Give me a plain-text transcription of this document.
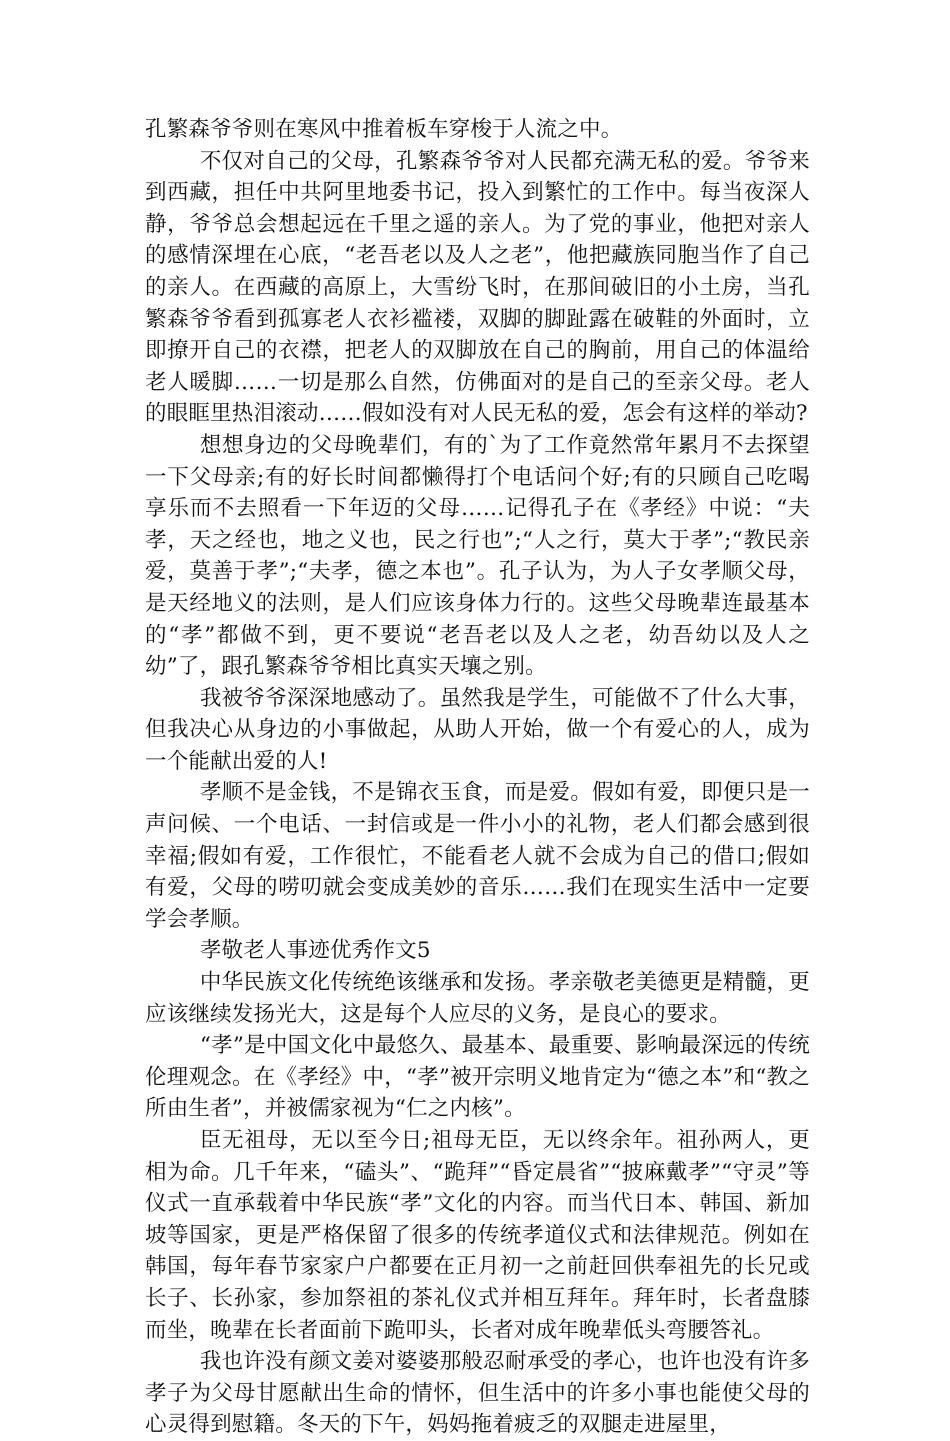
孔繁森爷爷则在寒风中推着板车穿梭于人流之中。

不仅对自己的父母，孔繁森爷爷对人民都充满无私的爱。爷爷来到西藏，担任中共阿里地委书记，投入到繁忙的工作中。每当夜深人静，爷爷总会想起远在千里之遥的亲人。为了党的事业，他把对亲人的感情深埋在心底，“老吾老以及人之老”，他把藏族同胞当作了自己的亲人。在西藏的高原上，大雪纷飞时，在那间破旧的小土房，当孔繁森爷爷看到孤寡老人衣衫褴褛，双脚的脚趾露在破鞋的外面时，立即撩开自己的衣襟，把老人的双脚放在自己的胸前，用自己的体温给老人暖脚……一切是那么自然，仿佛面对的是自己的至亲父母。老人的眼眶里热泪滚动……假如没有对人民无私的爱，怎会有这样的举动?

想想身边的父母晚辈们，有的`为了工作竟然常年累月不去探望一下父母亲;有的好长时间都懒得打个电话问个好;有的只顾自己吃喝享乐而不去照看一下年迈的父母……记得孔子在《孝经》中说：“夫孝，天之经也，地之义也，民之行也”;“人之行，莫大于孝”;“教民亲爱，莫善于孝”;“夫孝，德之本也”。孔子认为，为人子女孝顺父母，是天经地义的法则，是人们应该身体力行的。这些父母晚辈连最基本的“孝”都做不到，更不要说“老吾老以及人之老，幼吾幼以及人之幼”了，跟孔繁森爷爷相比真实天壤之别。

我被爷爷深深地感动了。虽然我是学生，可能做不了什么大事，但我决心从身边的小事做起，从助人开始，做一个有爱心的人，成为一个能献出爱的人!

孝顺不是金钱，不是锦衣玉食，而是爱。假如有爱，即便只是一声问候、一个电话、一封信或是一件小小的礼物，老人们都会感到很幸福;假如有爱，工作很忙，不能看老人就不会成为自己的借口;假如有爱，父母的唠叨就会变成美妙的音乐……我们在现实生活中一定要学会孝顺。

孝敬老人事迹优秀作文5

中华民族文化传统绝该继承和发扬。孝亲敬老美德更是精髓，更应该继续发扬光大，这是每个人应尽的义务，是良心的要求。

“孝”是中国文化中最悠久、最基本、最重要、影响最深远的传统伦理观念。在《孝经》中，“孝”被开宗明义地肯定为“德之本”和“教之所由生者”，并被儒家视为“仁之内核”。

臣无祖母，无以至今日;祖母无臣，无以终余年。祖孙两人，更相为命。几千年来，“磕头”、“跪拜”“昏定晨省”“披麻戴孝”“守灵”等仪式一直承载着中华民族“孝”文化的内容。而当代日本、韩国、新加坡等国家，更是严格保留了很多的传统孝道仪式和法律规范。例如在韩国，每年春节家家户户都要在正月初一之前赶回供奉祖先的长兄或长子、长孙家，参加祭祖的茶礼仪式并相互拜年。拜年时，长者盘膝而坐，晚辈在长者面前下跪叩头，长者对成年晚辈低头弯腰答礼。

我也许没有颜文姜对婆婆那般忍耐承受的孝心，也许也没有许多孝子为父母甘愿献出生命的情怀，但生活中的许多小事也能使父母的心灵得到慰籍。冬天的下午，妈妈拖着疲乏的双腿走进屋里，
